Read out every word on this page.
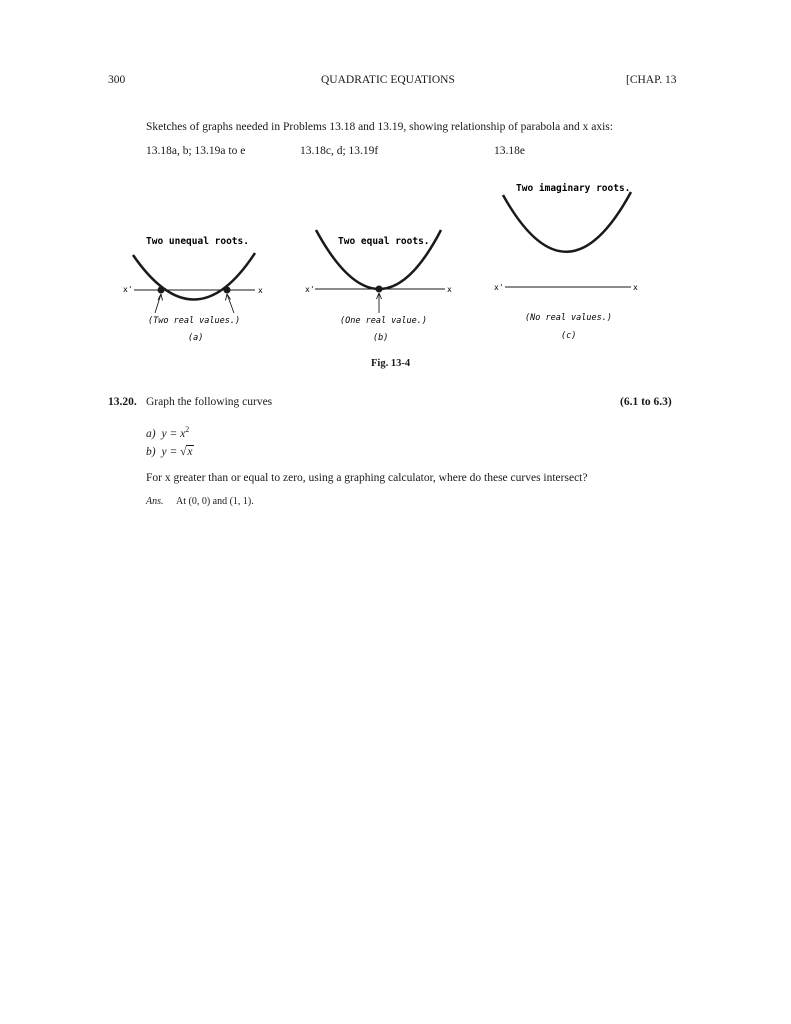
300	QUADRATIC EQUATIONS	[CHAP. 13
Sketches of graphs needed in Problems 13.18 and 13.19, showing relationship of parabola and x axis:
13.18a, b; 13.19a to e	13.18c, d; 13.19f	13.18e
Two unequal roots.
x'	x
(Two real values.)
(a)
Two equal roots.
x'	x
(One real value.)
(b)
Two imaginary roots.
x'	x
(No real values.)
(c)
Fig. 13-4
13.20. Graph the following curves	(6.1 to 6.3)
a) $y = x^2$
b) y = √x
For x greater than or equal to zero, using a graphing calculator, where do these curves intersect?
Ans. At (0, 0) and (1, 1).
